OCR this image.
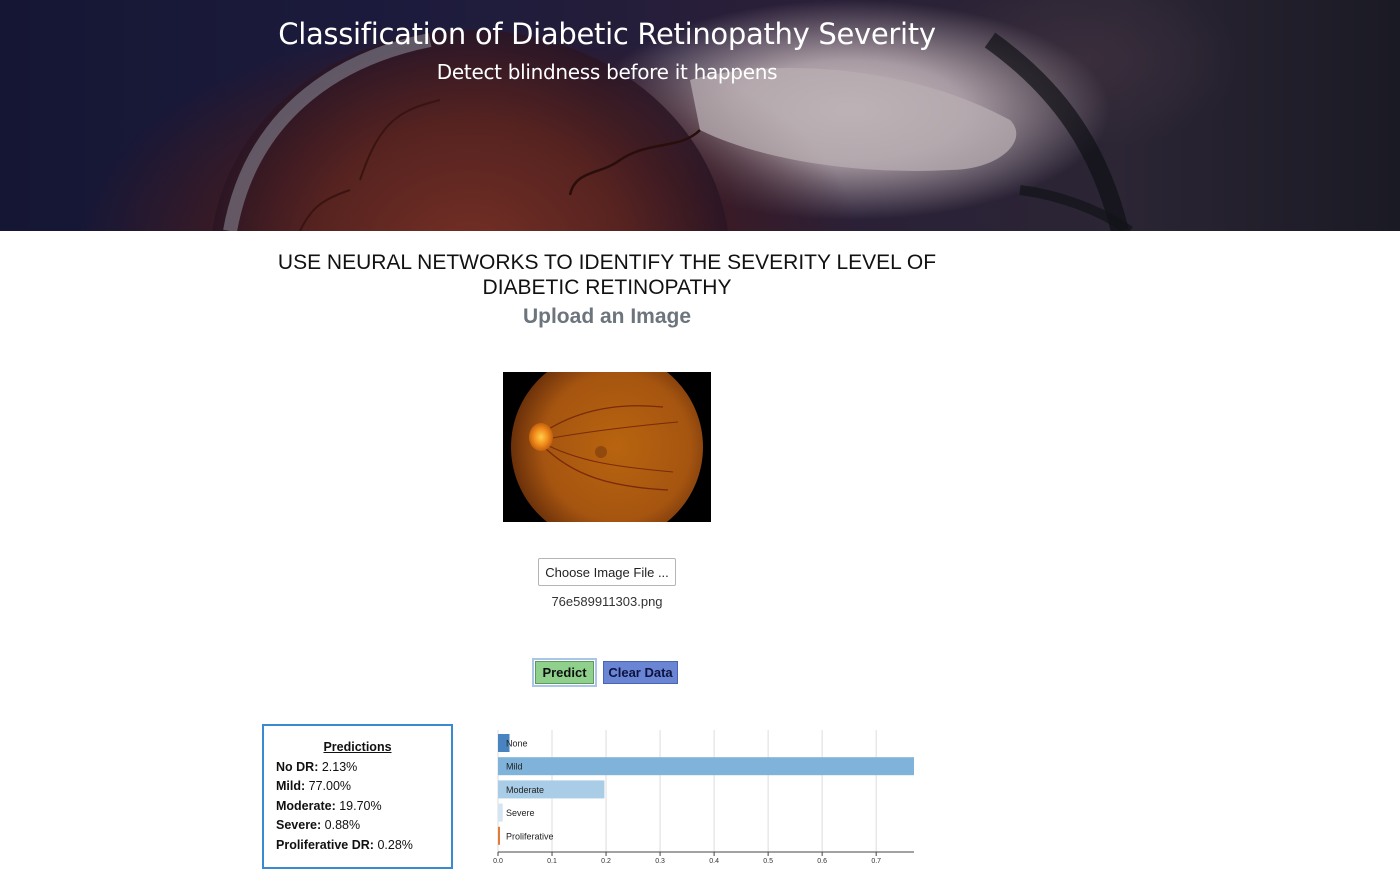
Classification of Diabetic Retinopathy Severity
Detect blindness before it happens
USE NEURAL NETWORKS TO IDENTIFY THE SEVERITY LEVEL OF DIABETIC RETINOPATHY
Upload an Image
Choose Image File ...
76e589911303.png
Predict	Clear Data
Predictions
No DR: 2.13%
Mild: 77.00%
Moderate: 19.70%
Severe: 0.88%
Proliferative DR: 0.28%
0.0	0.1	0.2	0.3	0.4	0.5	0.6	0.7
None
Mild
Moderate
Severe
Proliferative
